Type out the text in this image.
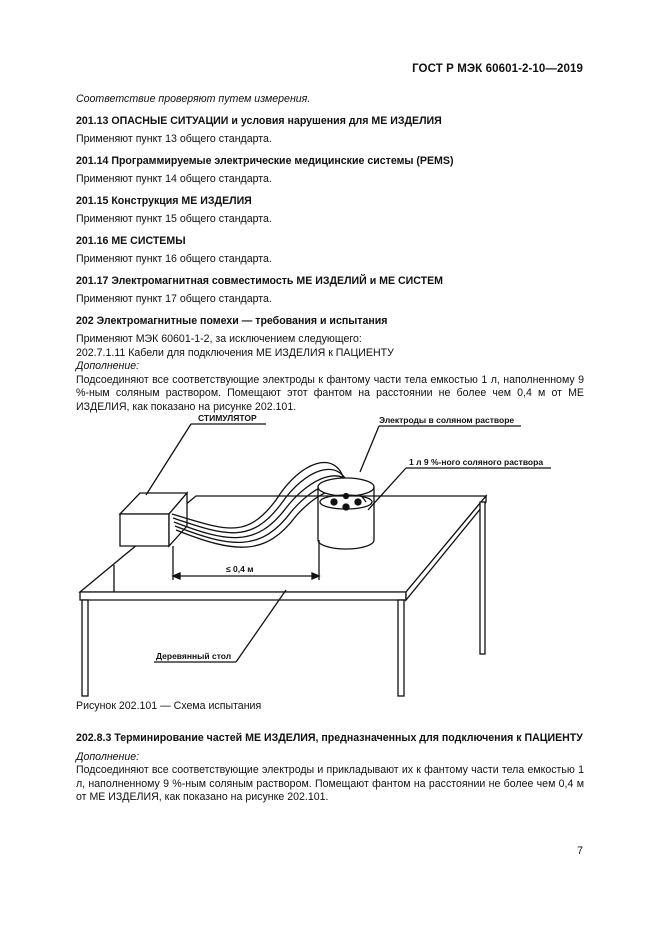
ГОСТ Р МЭК 60601-2-10—2019

Соответствие проверяют путем измерения.

201.13 ОПАСНЫЕ СИТУАЦИИ и условия нарушения для МЕ ИЗДЕЛИЯ

Применяют пункт 13 общего стандарта.

201.14 Программируемые электрические медицинские системы (PEMS)

Применяют пункт 14 общего стандарта.

201.15 Конструкция МЕ ИЗДЕЛИЯ

Применяют пункт 15 общего стандарта.

201.16 МЕ СИСТЕМЫ

Применяют пункт 16 общего стандарта.

201.17 Электромагнитная совместимость МЕ ИЗДЕЛИЙ и МЕ СИСТЕМ

Применяют пункт 17 общего стандарта.

202 Электромагнитные помехи — требования и испытания

Применяют МЭК 60601-1-2, за исключением следующего:

202.7.1.11 Кабели для подключения МЕ ИЗДЕЛИЯ к ПАЦИЕНТУ

Дополнение:

Подсоединяют все соответствующие электроды к фантому части тела емкостью 1 л, наполненному 9 %-ным соляным раствором. Помещают этот фантом на расстоянии не более чем 0,4 м от МЕ ИЗДЕЛИЯ, как показано на рисунке 202.101.

СТИМУЛЯТОР	Электроды в соляном растворе
1 л 9 %-ного соляного раствора
≤ 0,4 м
Деревянный стол
Рисунок 202.101 — Схема испытания

202.8.3 Терминирование частей МЕ ИЗДЕЛИЯ, предназначенных для подключения к ПАЦИЕНТУ

Дополнение:

Подсоединяют все соответствующие электроды и прикладывают их к фантому части тела емкостью 1 л, наполненному 9 %-ным соляным раствором. Помещают фантом на расстоянии не более чем 0,4 м от МЕ ИЗДЕЛИЯ, как показано на рисунке 202.101.

7
